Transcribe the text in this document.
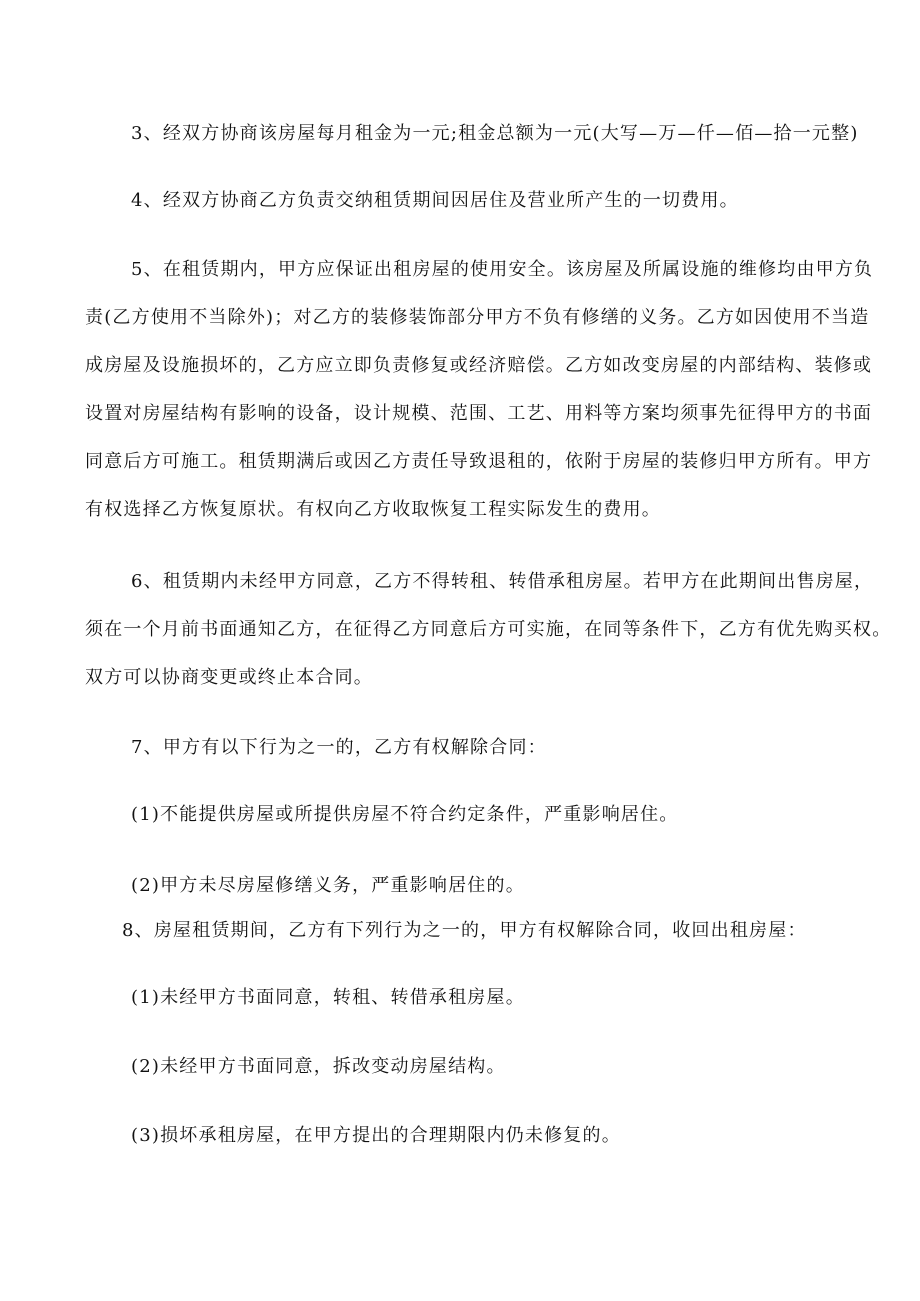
3、经双方协商该房屋每月租金为一元;租金总额为一元(大写—万—仟—佰—拾一元整)
4、经双方协商乙方负责交纳租赁期间因居住及营业所产生的一切费用。
5、在租赁期内，甲方应保证出租房屋的使用安全。该房屋及所属设施的维修均由甲方负
责(乙方使用不当除外)；对乙方的装修装饰部分甲方不负有修缮的义务。乙方如因使用不当造
成房屋及设施损坏的，乙方应立即负责修复或经济赔偿。乙方如改变房屋的内部结构、装修或
设置对房屋结构有影响的设备，设计规模、范围、工艺、用料等方案均须事先征得甲方的书面
同意后方可施工。租赁期满后或因乙方责任导致退租的，依附于房屋的装修归甲方所有。甲方
有权选择乙方恢复原状。有权向乙方收取恢复工程实际发生的费用。
6、租赁期内未经甲方同意，乙方不得转租、转借承租房屋。若甲方在此期间出售房屋，
须在一个月前书面通知乙方，在征得乙方同意后方可实施，在同等条件下，乙方有优先购买权。
双方可以协商变更或终止本合同。
7、甲方有以下行为之一的，乙方有权解除合同：
(1)不能提供房屋或所提供房屋不符合约定条件，严重影响居住。
(2)甲方未尽房屋修缮义务，严重影响居住的。
8、房屋租赁期间，乙方有下列行为之一的，甲方有权解除合同，收回出租房屋：
(1)未经甲方书面同意，转租、转借承租房屋。
(2)未经甲方书面同意，拆改变动房屋结构。
(3)损坏承租房屋，在甲方提出的合理期限内仍未修复的。
